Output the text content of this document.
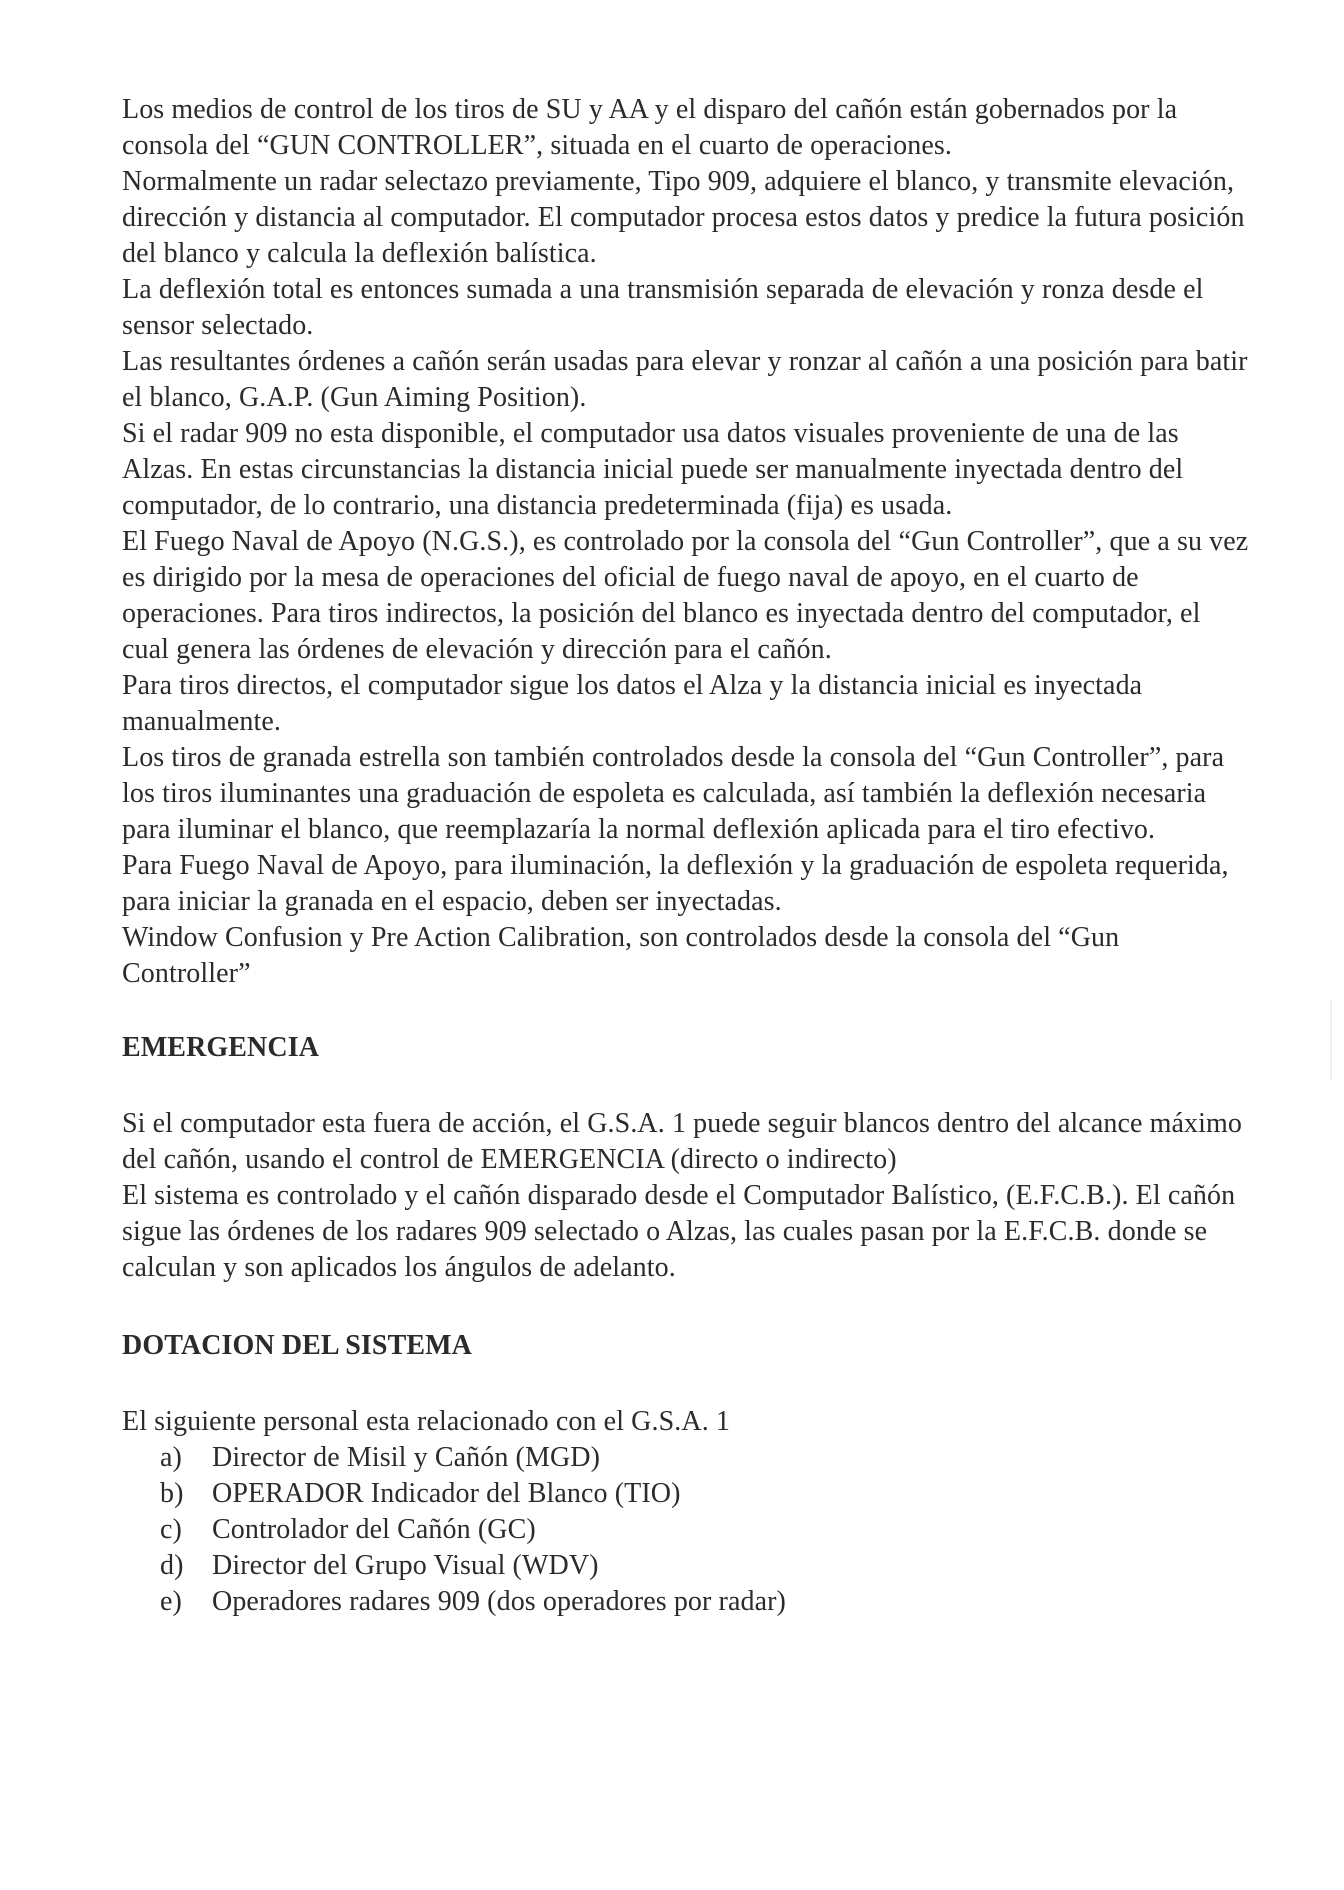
Los medios de control de los tiros de SU y AA y el disparo del cañón están gobernados por la consola del “GUN CONTROLLER”, situada en el cuarto de operaciones.

Normalmente un radar selectazo previamente, Tipo 909, adquiere el blanco, y transmite elevación, dirección y distancia al computador. El computador procesa estos datos y predice la futura posición del blanco y calcula la deflexión balística.

La deflexión total es entonces sumada a una transmisión separada de elevación y ronza desde el sensor selectado.

Las resultantes órdenes a cañón serán usadas para elevar y ronzar al cañón a una posición para batir el blanco, G.A.P. (Gun Aiming Position).

Si el radar 909 no esta disponible, el computador usa datos visuales proveniente de una de las Alzas. En estas circunstancias la distancia inicial puede ser manualmente inyectada dentro del computador, de lo contrario, una distancia predeterminada (fija) es usada.

El Fuego Naval de Apoyo (N.G.S.), es controlado por la consola del “Gun Controller”, que a su vez es dirigido por la mesa de operaciones del oficial de fuego naval de apoyo, en el cuarto de operaciones. Para tiros indirectos, la posición del blanco es inyectada dentro del computador, el cual genera las órdenes de elevación y dirección para el cañón.

Para tiros directos, el computador sigue los datos el Alza y la distancia inicial es inyectada manualmente.

Los tiros de granada estrella son también controlados desde la consola del “Gun Controller”, para los tiros iluminantes una graduación de espoleta es calculada, así también la deflexión necesaria para iluminar el blanco, que reemplazaría la normal deflexión aplicada para el tiro efectivo.

Para Fuego Naval de Apoyo, para iluminación, la deflexión y la graduación de espoleta requerida, para iniciar la granada en el espacio, deben ser inyectadas.

Window Confusion y Pre Action Calibration, son controlados desde la consola del “Gun Controller”

EMERGENCIA

Si el computador esta fuera de acción, el G.S.A. 1 puede seguir blancos dentro del alcance máximo del cañón, usando el control de EMERGENCIA (directo o indirecto)

El sistema es controlado y el cañón disparado desde el Computador Balístico, (E.F.C.B.). El cañón sigue las órdenes de los radares 909 selectado o Alzas, las cuales pasan por la E.F.C.B. donde se calculan y son aplicados los ángulos de adelanto.

DOTACION DEL SISTEMA

El siguiente personal esta relacionado con el G.S.A. 1

a)	Director de Misil y Cañón (MGD)
b)	OPERADOR Indicador del Blanco (TIO)
c)	Controlador del Cañón (GC)
d)	Director del Grupo Visual (WDV)
e)	Operadores radares 909 (dos operadores por radar)
